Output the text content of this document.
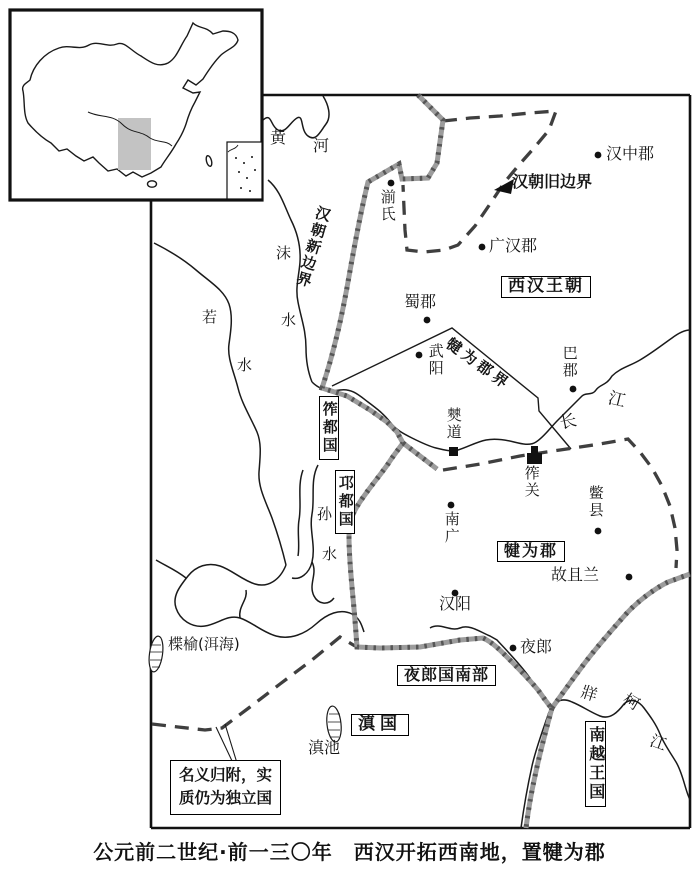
黄 河	汉中郡
湔氏
汉朝旧边界
广汉郡
西汉王朝
汉朝新边界
沫
水
若
水
蜀郡
武阳
犍为郡界	巴郡
长
江
筰都国
邛都国
僰道
筰关
孙
水
南广
鳖县
犍为郡
故且兰
汉阳
夜郎
楪榆(洱海)
夜郎国南部
滇国
滇池
名义归附，实
质仍为独立国
牂 柯
江
南越王国
公元前二世纪·前一三〇年　西汉开拓西南地，置犍为郡
